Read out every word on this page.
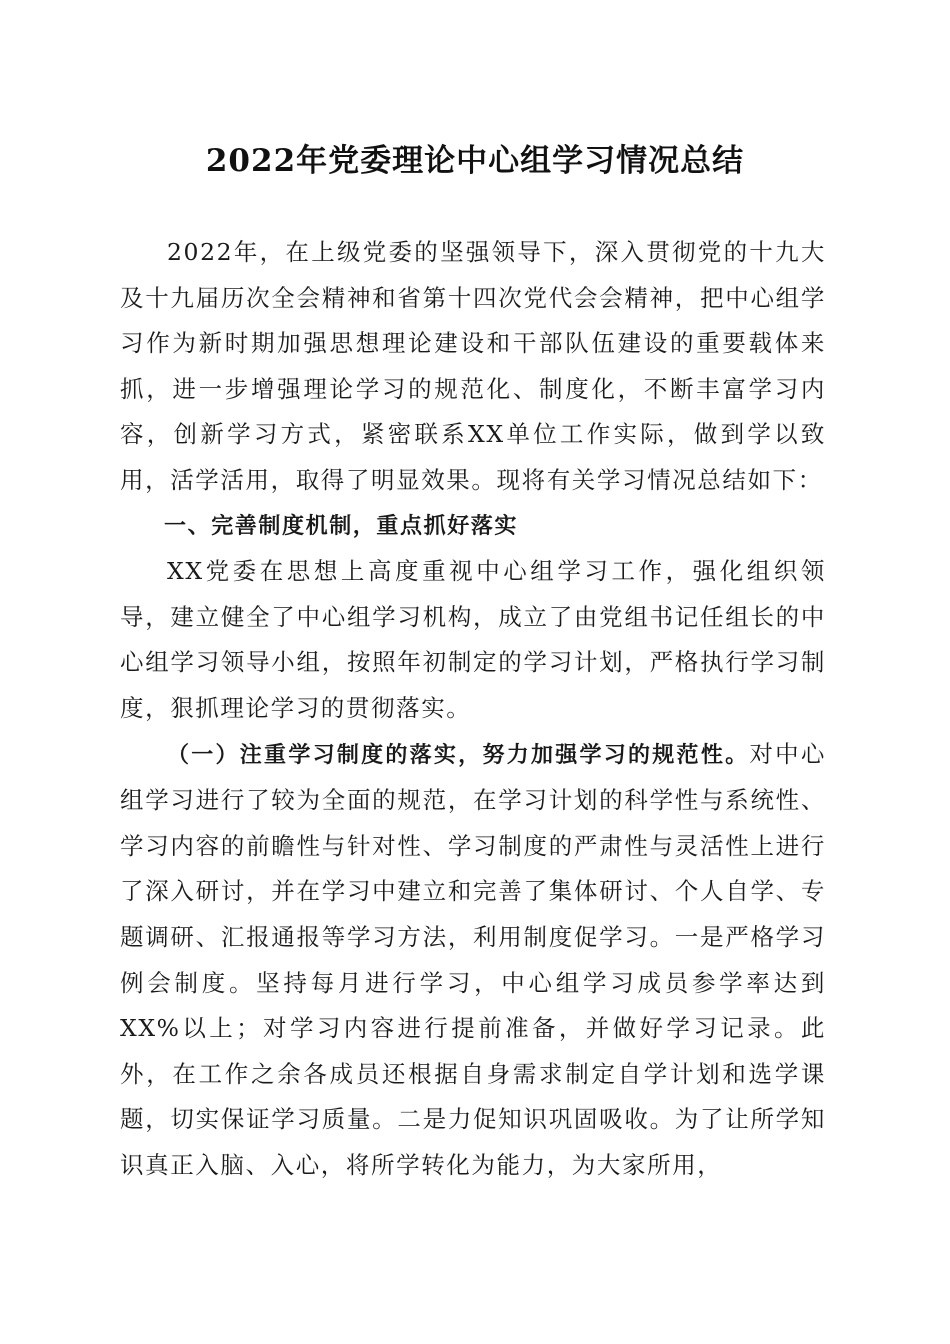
2022年党委理论中心组学习情况总结

2022年，在上级党委的坚强领导下，深入贯彻党的十九大及十九届历次全会精神和省第十四次党代会会精神，把中心组学习作为新时期加强思想理论建设和干部队伍建设的重要载体来抓，进一步增强理论学习的规范化、制度化，不断丰富学习内容，创新学习方式，紧密联系XX单位工作实际，做到学以致用，活学活用，取得了明显效果。现将有关学习情况总结如下：

一、完善制度机制，重点抓好落实

XX党委在思想上高度重视中心组学习工作，强化组织领导，建立健全了中心组学习机构，成立了由党组书记任组长的中心组学习领导小组，按照年初制定的学习计划，严格执行学习制度，狠抓理论学习的贯彻落实。

（一）注重学习制度的落实，努力加强学习的规范性。对中心组学习进行了较为全面的规范，在学习计划的科学性与系统性、学习内容的前瞻性与针对性、学习制度的严肃性与灵活性上进行了深入研讨，并在学习中建立和完善了集体研讨、个人自学、专题调研、汇报通报等学习方法，利用制度促学习。一是严格学习例会制度。坚持每月进行学习，中心组学习成员参学率达到XX%以上；对学习内容进行提前准备，并做好学习记录。此外，在工作之余各成员还根据自身需求制定自学计划和选学课题，切实保证学习质量。二是力促知识巩固吸收。为了让所学知识真正入脑、入心，将所学转化为能力，为大家所用，
